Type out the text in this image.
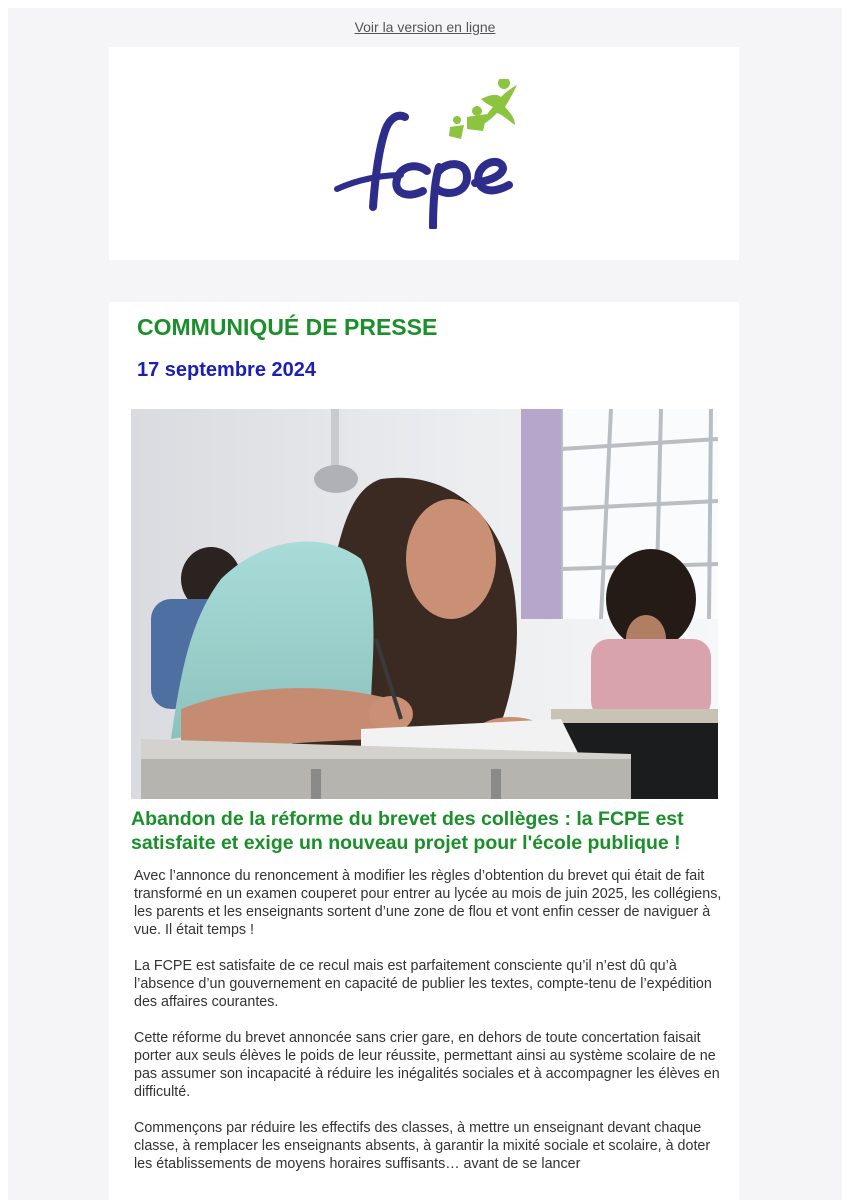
Voir la version en ligne
COMMUNIQUÉ DE PRESSE
17 septembre 2024
Abandon de la réforme du brevet des collèges : la FCPE est satisfaite et exige un nouveau projet pour l'école publique !

Avec l’annonce du renoncement à modifier les règles d’obtention du brevet qui était de fait transformé en un examen couperet pour entrer au lycée au mois de juin 2025, les collégiens, les parents et les enseignants sortent d’une zone de flou et vont enfin cesser de naviguer à vue. Il était temps !

La FCPE est satisfaite de ce recul mais est parfaitement consciente qu’il n’est dû qu’à l’absence d’un gouvernement en capacité de publier les textes, compte-tenu de l’expédition des affaires courantes.

Cette réforme du brevet annoncée sans crier gare, en dehors de toute concertation faisait porter aux seuls élèves le poids de leur réussite, permettant ainsi au système scolaire de ne pas assumer son incapacité à réduire les inégalités sociales et à accompagner les élèves en difficulté.

Commençons par réduire les effectifs des classes, à mettre un enseignant devant chaque classe, à remplacer les enseignants absents, à garantir la mixité sociale et scolaire, à doter les établissements de moyens horaires suffisants… avant de se lancer
